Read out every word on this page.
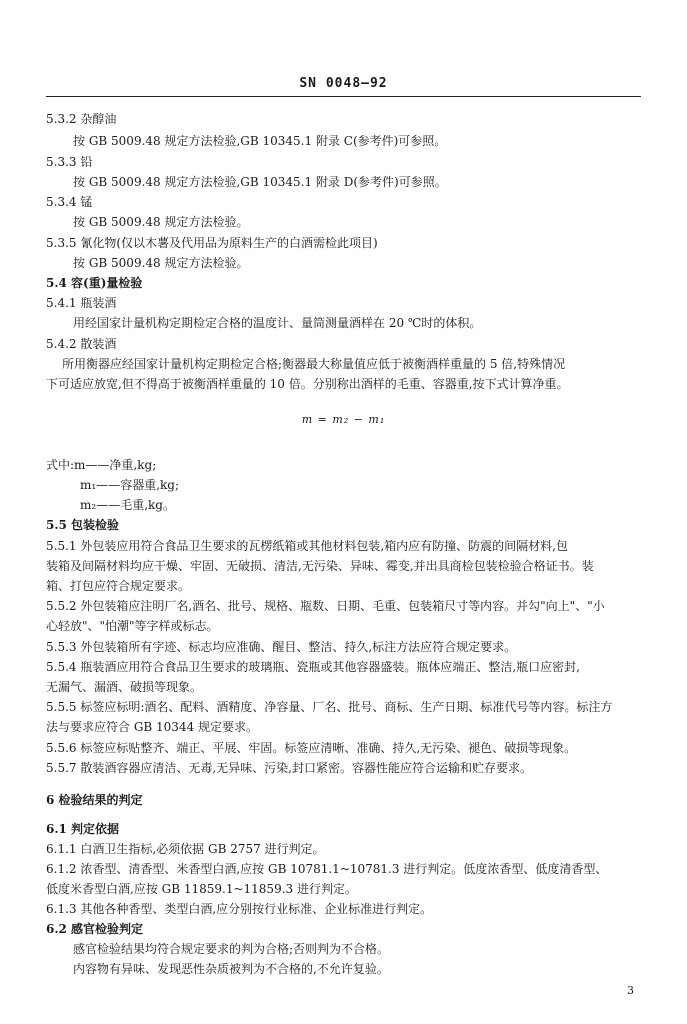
SN 0048—92
5.3.2 杂醇油
按 GB 5009.48 规定方法检验,GB 10345.1 附录 C(参考件)可参照。
5.3.3 铅
按 GB 5009.48 规定方法检验,GB 10345.1 附录 D(参考件)可参照。
5.3.4 锰
按 GB 5009.48 规定方法检验。
5.3.5 氰化物(仅以木薯及代用品为原料生产的白酒需检此项目)
按 GB 5009.48 规定方法检验。
5.4 容(重)量检验
5.4.1 瓶装酒
用经国家计量机构定期检定合格的温度计、量筒测量酒样在 20 ℃时的体积。
5.4.2 散装酒
所用衡器应经国家计量机构定期检定合格;衡器最大称量值应低于被衡酒样重量的 5 倍,特殊情况
下可适应放宽,但不得高于被衡酒样重量的 10 倍。分别称出酒样的毛重、容器重,按下式计算净重。
m = m₂ − m₁
式中:m——净重,kg;
m₁——容器重,kg;
m₂——毛重,kg。
5.5 包装检验
5.5.1 外包装应用符合食品卫生要求的瓦楞纸箱或其他材料包装,箱内应有防撞、防震的间隔材料,包
装箱及间隔材料均应干燥、牢固、无破损、清洁,无污染、异味、霉变,并出具商检包装检验合格证书。装
箱、打包应符合规定要求。
5.5.2 外包装箱应注明厂名,酒名、批号、规格、瓶数、日期、毛重、包装箱尺寸等内容。并勾"向上"、"小
心轻放"、"怕潮"等字样或标志。
5.5.3 外包装箱所有字迹、标志均应准确、醒目、整洁、持久,标注方法应符合规定要求。
5.5.4 瓶装酒应用符合食品卫生要求的玻璃瓶、瓷瓶或其他容器盛装。瓶体应端正、整洁,瓶口应密封,
无漏气、漏酒、破损等现象。
5.5.5 标签应标明:酒名、配料、酒精度、净容量、厂名、批号、商标、生产日期、标准代号等内容。标注方
法与要求应符合 GB 10344 规定要求。
5.5.6 标签应标贴整齐、端正、平展、牢固。标签应清晰、准确、持久,无污染、褪色、破损等现象。
5.5.7 散装酒容器应清洁、无毒,无异味、污染,封口紧密。容器性能应符合运输和贮存要求。
6 检验结果的判定
6.1 判定依据
6.1.1 白酒卫生指标,必须依据 GB 2757 进行判定。
6.1.2 浓香型、清香型、米香型白酒,应按 GB 10781.1~10781.3 进行判定。低度浓香型、低度清香型、
低度米香型白酒,应按 GB 11859.1~11859.3 进行判定。
6.1.3 其他各种香型、类型白酒,应分别按行业标准、企业标准进行判定。
6.2 感官检验判定
感官检验结果均符合规定要求的判为合格;否则判为不合格。
内容物有异味、发现恶性杂质被判为不合格的,不允许复验。
3
